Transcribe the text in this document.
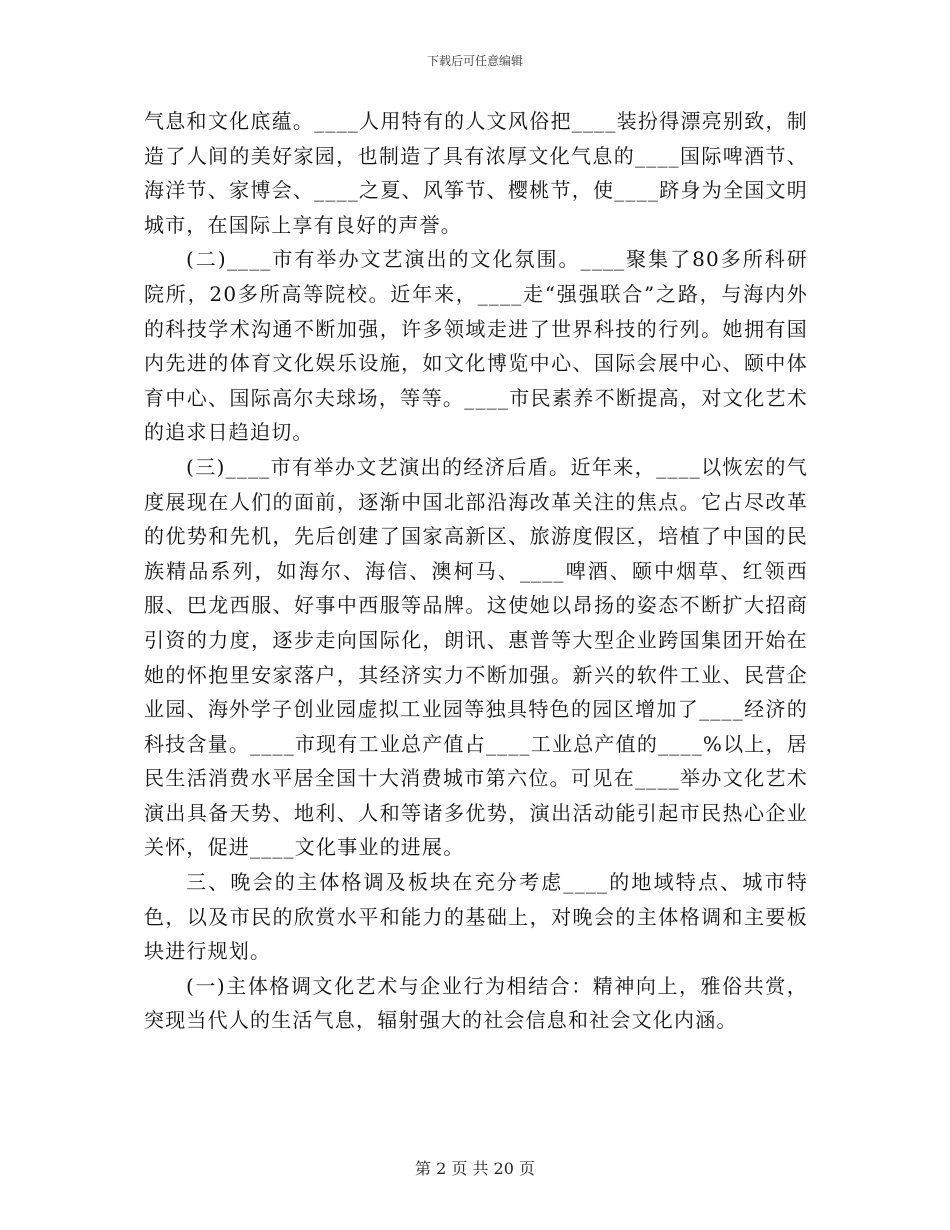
下载后可任意编辑

气息和文化底蕴。____人用特有的人文风俗把____装扮得漂亮别致，制造了人间的美好家园，也制造了具有浓厚文化气息的____国际啤酒节、海洋节、家博会、____之夏、风筝节、樱桃节，使____跻身为全国文明城市，在国际上享有良好的声誉。

(二)____市有举办文艺演出的文化氛围。____聚集了80多所科研院所，20多所高等院校。近年来，____走“强强联合”之路，与海内外的科技学术沟通不断加强，许多领域走进了世界科技的行列。她拥有国内先进的体育文化娱乐设施，如文化博览中心、国际会展中心、颐中体育中心、国际高尔夫球场，等等。____市民素养不断提高，对文化艺术的追求日趋迫切。

(三)____市有举办文艺演出的经济后盾。近年来，____以恢宏的气度展现在人们的面前，逐渐中国北部沿海改革关注的焦点。它占尽改革的优势和先机，先后创建了国家高新区、旅游度假区，培植了中国的民族精品系列，如海尔、海信、澳柯马、____啤酒、颐中烟草、红领西服、巴龙西服、好事中西服等品牌。这使她以昂扬的姿态不断扩大招商引资的力度，逐步走向国际化，朗讯、惠普等大型企业跨国集团开始在她的怀抱里安家落户，其经济实力不断加强。新兴的软件工业、民营企业园、海外学子创业园虚拟工业园等独具特色的园区增加了____经济的科技含量。____市现有工业总产值占____工业总产值的____%以上，居民生活消费水平居全国十大消费城市第六位。可见在____举办文化艺术演出具备天势、地利、人和等诸多优势，演出活动能引起市民热心企业关怀，促进____文化事业的进展。

三、晚会的主体格调及板块在充分考虑____的地域特点、城市特色，以及市民的欣赏水平和能力的基础上，对晚会的主体格调和主要板块进行规划。

(一)主体格调文化艺术与企业行为相结合：精神向上，雅俗共赏，突现当代人的生活气息，辐射强大的社会信息和社会文化内涵。

第 2 页 共 20 页
